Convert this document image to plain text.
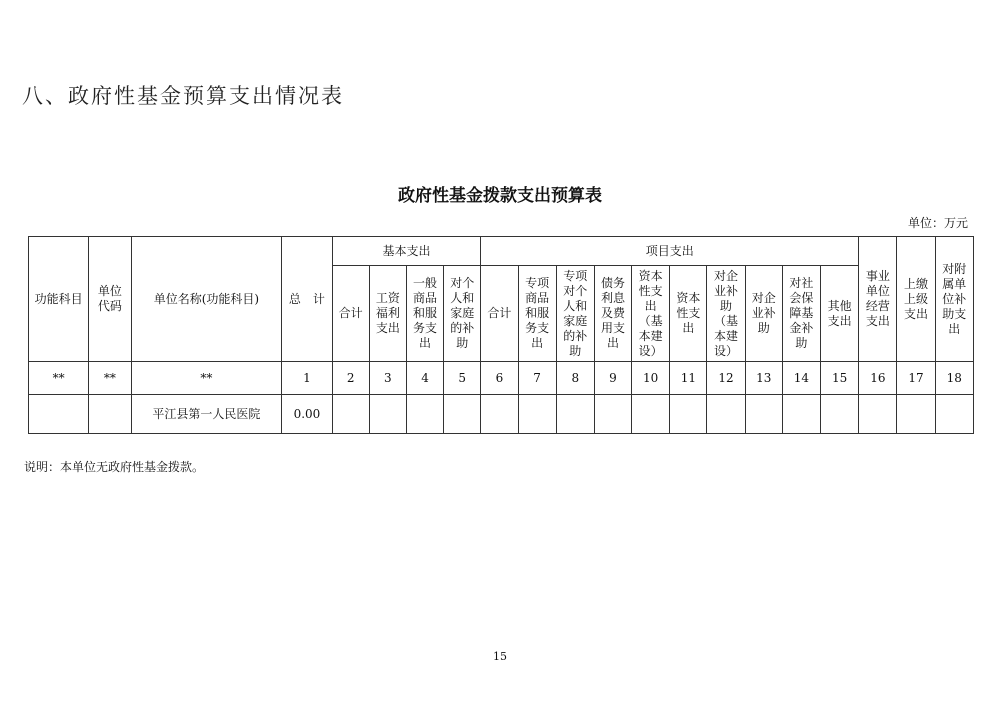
八、政府性基金预算支出情况表
政府性基金拨款支出预算表
单位：万元
功能科目	单位代码	单位名称(功能科目)	总　计	基本支出				项目支出										事业单位经营支出	上缴上级支出	对附属单位补助支出
				合计	工资福利支出	一般商品和服务支出	对个人和家庭的补助	合计	专项商品和服务支出	专项对个人和家庭的补助	债务利息及费用支出	资本性支出（基本建设）	资本性支出	对企业补助（基本建设）	对企业补助	对社会保障基金补助	其他支出			
**	**	**	1	2	3	4	5	6	7	8	9	10	11	12	13	14	15	16	17	18
		平江县第一人民医院	0.00																	
说明：本单位无政府性基金拨款。
15
